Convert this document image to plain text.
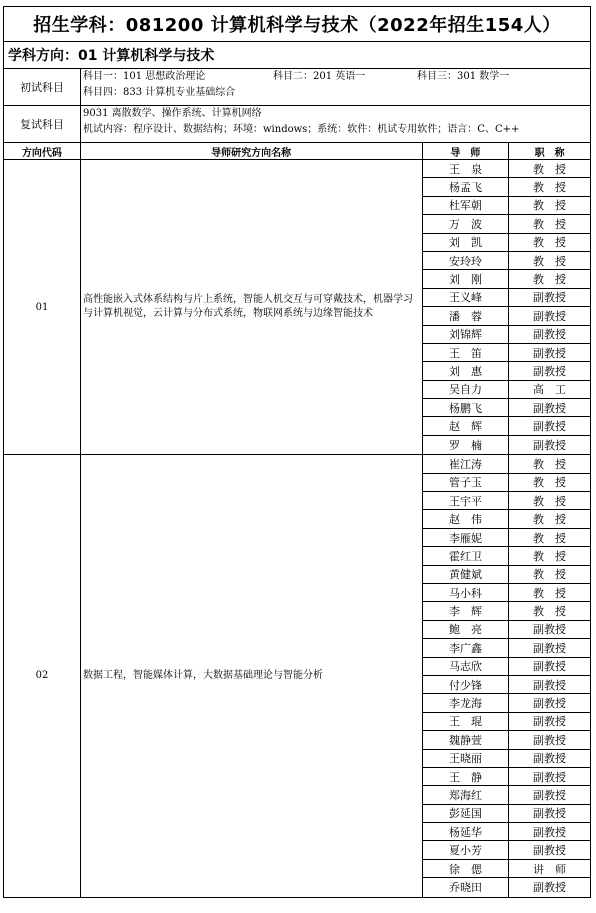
招生学科：081200 计算机科学与技术（2022年招生154人）
学科方向：01 计算机科学与技术
初试科目
科目一：101 思想政治理论	科目二：201 英语一	科目三：301 数学一
科目四：833 计算机专业基础综合
复试科目
9031 离散数学、操作系统、计算机网络
机试内容：程序设计、数据结构；环境：windows；系统：软件：机试专用软件；语言：C、C++
方向代码	导师研究方向名称	导　师	职　称
01
高性能嵌入式体系结构与片上系统，智能人机交互与可穿戴技术，机器学习与计算机视觉，云计算与分布式系统，物联网系统与边缘智能技术
王　泉	教　授
杨孟飞	教　授
杜军朝	教　授
万　波	教　授
刘　凯	教　授
安玲玲	教　授
刘　刚	教　授
王义峰	副教授
潘　蓉	副教授
刘锦辉	副教授
王　笛	副教授
刘　惠	副教授
吴自力	高　工
杨鹏飞	副教授
赵　辉	副教授
罗　楠	副教授
02	数据工程，智能媒体计算，大数据基础理论与智能分析
崔江涛	教　授
管子玉	教　授
王宇平	教　授
赵　伟	教　授
李雁妮	教　授
霍红卫	教　授
黄健斌	教　授
马小科	教　授
李　辉	教　授
鲍　亮	副教授
李广鑫	副教授
马志欣	副教授
付少锋	副教授
李龙海	副教授
王　琨	副教授
魏静萱	副教授
王晓丽	副教授
王　静	副教授
郑海红	副教授
彭延国	副教授
杨延华	副教授
夏小芳	副教授
徐　偲	讲　师
乔晓田	副教授
